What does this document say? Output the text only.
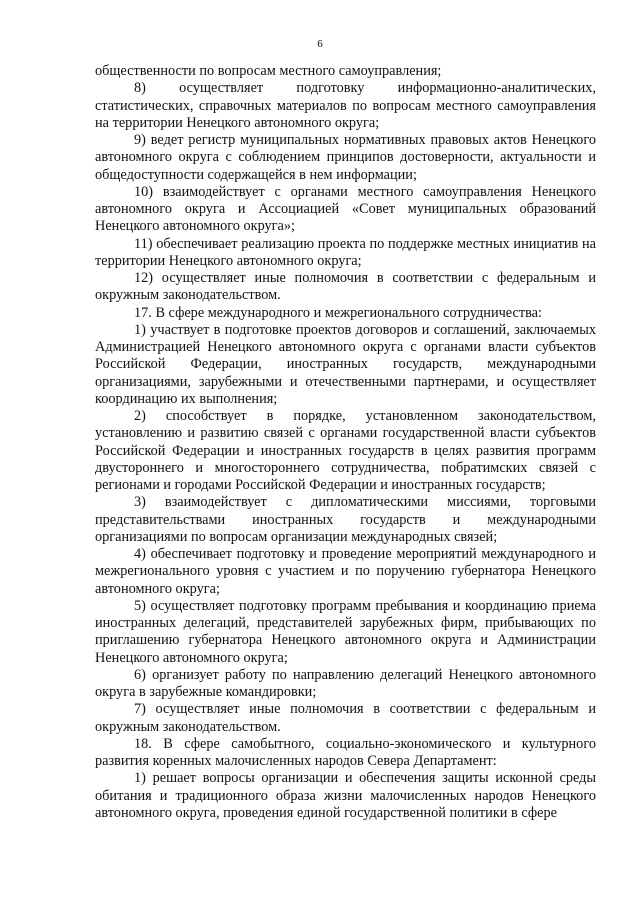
6

общественности по вопросам местного самоуправления;

8) осуществляет подготовку информационно-аналитических, статистических, справочных материалов по вопросам местного самоуправления на территории Ненецкого автономного округа;

9) ведет регистр муниципальных нормативных правовых актов Ненецкого автономного округа с соблюдением принципов достоверности, актуальности и общедоступности содержащейся в нем информации;

10) взаимодействует с органами местного самоуправления Ненецкого автономного округа и Ассоциацией «Совет муниципальных образований Ненецкого автономного округа»;

11) обеспечивает реализацию проекта по поддержке местных инициатив на территории Ненецкого автономного округа;

12) осуществляет иные полномочия в соответствии с федеральным и окружным законодательством.

17. В сфере международного и межрегионального сотрудничества:

1) участвует в подготовке проектов договоров и соглашений, заключаемых Администрацией Ненецкого автономного округа с органами власти субъектов Российской Федерации, иностранных государств, международными организациями, зарубежными и отечественными партнерами, и осуществляет координацию их выполнения;

2) способствует в порядке, установленном законодательством, установлению и развитию связей с органами государственной власти субъектов Российской Федерации и иностранных государств в целях развития программ двустороннего и многостороннего сотрудничества, побратимских связей с регионами и городами Российской Федерации и иностранных государств;

3) взаимодействует с дипломатическими миссиями, торговыми представительствами иностранных государств и международными организациями по вопросам организации международных связей;

4) обеспечивает подготовку и проведение мероприятий международного и межрегионального уровня с участием и по поручению губернатора Ненецкого автономного округа;

5) осуществляет подготовку программ пребывания и координацию приема иностранных делегаций, представителей зарубежных фирм, прибывающих по приглашению губернатора Ненецкого автономного округа и Администрации Ненецкого автономного округа;

6) организует работу по направлению делегаций Ненецкого автономного округа в зарубежные командировки;

7) осуществляет иные полномочия в соответствии с федеральным и окружным законодательством.

18. В сфере самобытного, социально-экономического и культурного развития коренных малочисленных народов Севера Департамент:

1) решает вопросы организации и обеспечения защиты исконной среды обитания и традиционного образа жизни малочисленных народов Ненецкого автономного округа, проведения единой государственной политики в сфере
